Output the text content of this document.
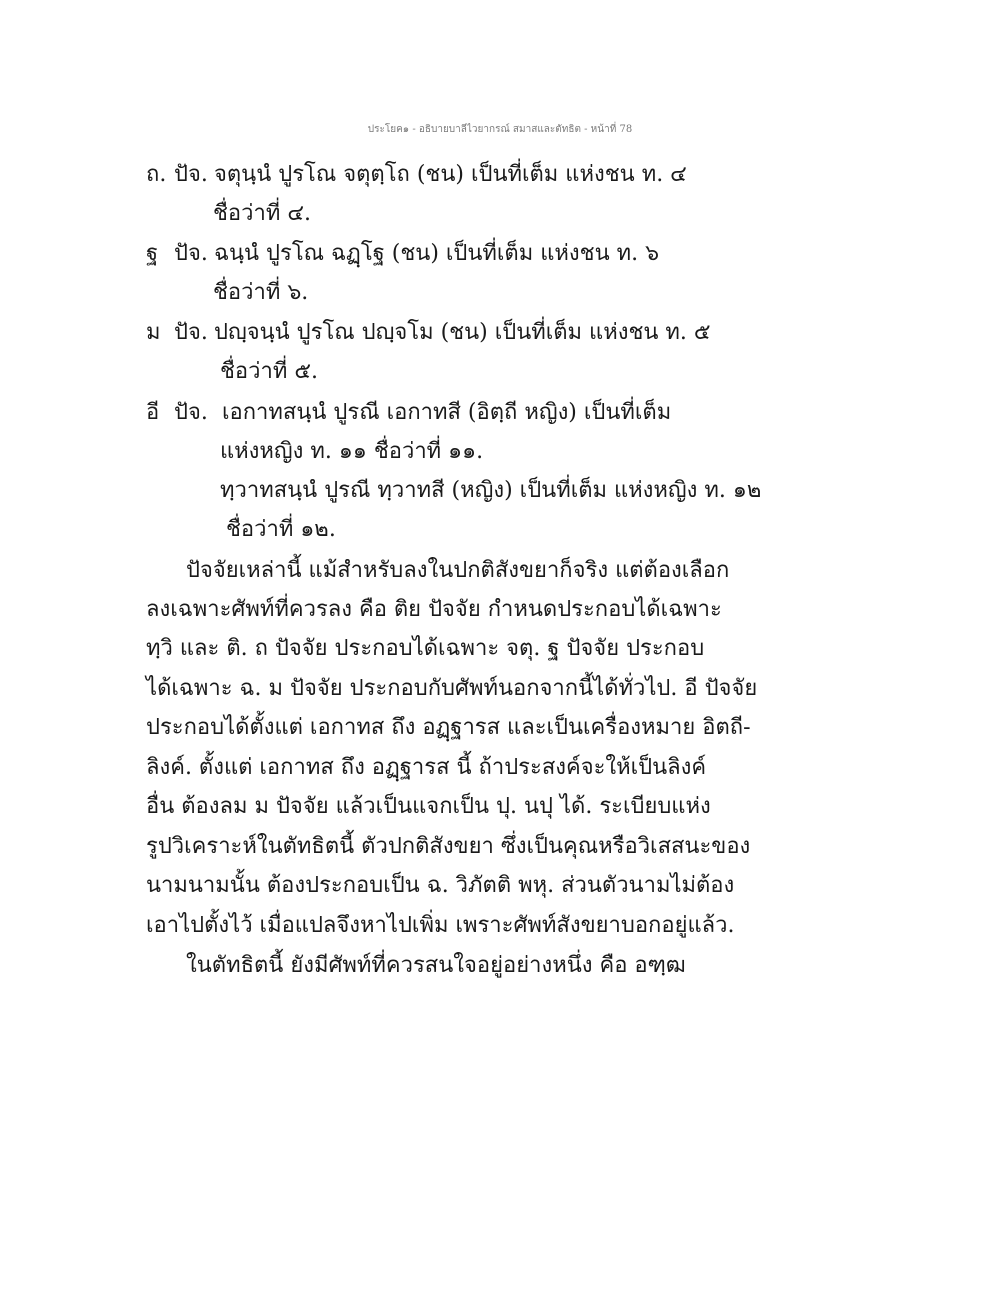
ประโยค๑ - อธิบายบาลีไวยากรณ์ สมาสและตัทธิต - หน้าที่ 78
ถ. ปัจ. จตุนฺนํ ปูรโณ จตุตฺโถ (ชน) เป็นที่เต็ม แห่งชน ท. ๔
ชื่อว่าที่ ๔.
ฐ ปัจ. ฉนฺนํ ปูรโณ ฉฏฺโฐ (ชน) เป็นที่เต็ม แห่งชน ท. ๖
ชื่อว่าที่ ๖.
ม ปัจ. ปญฺจนฺนํ ปูรโณ ปญฺจโม (ชน) เป็นที่เต็ม แห่งชน ท. ๕
ชื่อว่าที่ ๕.
อี ปัจ. เอกาทสนฺนํ ปูรณี เอกาทสี (อิตฺถี หญิง) เป็นที่เต็ม
แห่งหญิง ท. ๑๑ ชื่อว่าที่ ๑๑.
ทฺวาทสนฺนํ ปูรณี ทฺวาทสี (หญิง) เป็นที่เต็ม แห่งหญิง ท. ๑๒
ชื่อว่าที่ ๑๒.
ปัจจัยเหล่านี้ แม้สำหรับลงในปกติสังขยาก็จริง แต่ต้องเลือก
ลงเฉพาะศัพท์ที่ควรลง คือ ติย ปัจจัย กำหนดประกอบได้เฉพาะ
ทฺวิ และ ติ. ถ ปัจจัย ประกอบได้เฉพาะ จตุ. ฐ ปัจจัย ประกอบ
ได้เฉพาะ ฉ. ม ปัจจัย ประกอบกับศัพท์นอกจากนี้ได้ทั่วไป. อี ปัจจัย
ประกอบได้ตั้งแต่ เอกาทส ถึง อฏฺฐารส และเป็นเครื่องหมาย อิตถี-
ลิงค์. ตั้งแต่ เอกาทส ถึง อฏฺฐารส นี้ ถ้าประสงค์จะให้เป็นลิงค์
อื่น ต้องลม ม ปัจจัย แล้วเป็นแจกเป็น ปุ. นปุ ได้. ระเบียบแห่ง
รูปวิเคราะห์ในตัทธิตนี้ ตัวปกติสังขยา ซึ่งเป็นคุณหรือวิเสสนะของ
นามนามนั้น ต้องประกอบเป็น ฉ. วิภัตติ พหุ. ส่วนตัวนามไม่ต้อง
เอาไปตั้งไว้ เมื่อแปลจึงหาไปเพิ่ม เพราะศัพท์สังขยาบอกอยู่แล้ว.
ในตัทธิตนี้ ยังมีศัพท์ที่ควรสนใจอยู่อย่างหนึ่ง คือ อฑฺฒ
